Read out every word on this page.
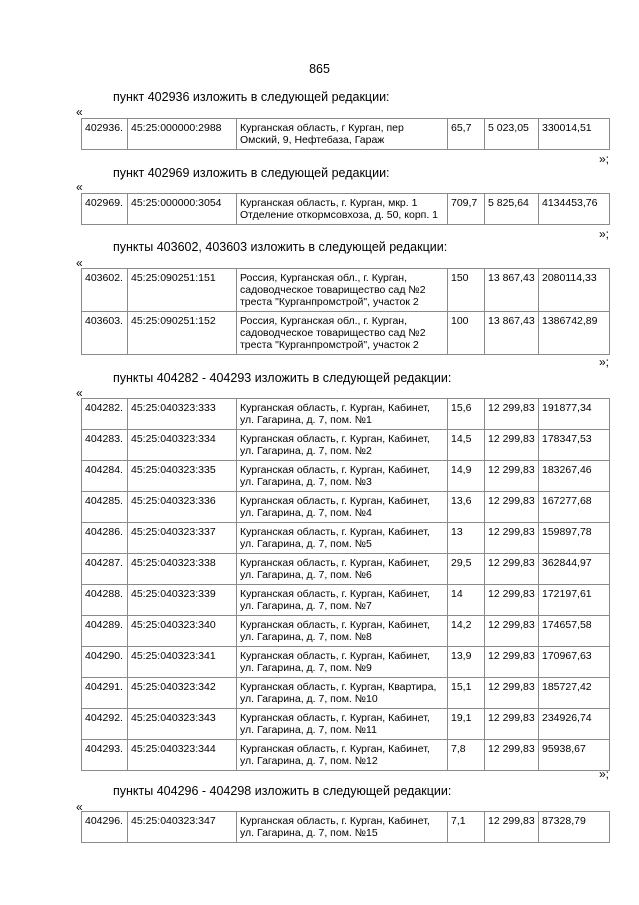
865
пункт 402936 изложить в следующей редакции:
«
402936.	45:25:000000:2988	Курганская область, г Курган, пер Омский, 9, Нефтебаза, Гараж	65,7	5 023,05	330014,51
»;
пункт 402969 изложить в следующей редакции:
«
402969.	45:25:000000:3054	Курганская область, г. Курган, мкр. 1 Отделение откормсовхоза, д. 50, корп. 1	709,7	5 825,64	4134453,76
»;
пункты 403602, 403603 изложить в следующей редакции:
«
403602.	45:25:090251:151	Россия, Курганская обл., г. Курган, садоводческое товарищество сад №2 треста "Курганпромстрой", участок 2	150	13 867,43	2080114,33
403603.	45:25:090251:152	Россия, Курганская обл., г. Курган, садоводческое товарищество сад №2 треста "Курганпромстрой", участок 2	100	13 867,43	1386742,89
»;
пункты 404282 - 404293 изложить в следующей редакции:
«
404282.	45:25:040323:333	Курганская область, г. Курган, Кабинет, ул. Гагарина, д. 7, пом. №1	15,6	12 299,83	191877,34
404283.	45:25:040323:334	Курганская область, г. Курган, Кабинет, ул. Гагарина, д. 7, пом. №2	14,5	12 299,83	178347,53
404284.	45:25:040323:335	Курганская область, г. Курган, Кабинет, ул. Гагарина, д. 7, пом. №3	14,9	12 299,83	183267,46
404285.	45:25:040323:336	Курганская область, г. Курган, Кабинет, ул. Гагарина, д. 7, пом. №4	13,6	12 299,83	167277,68
404286.	45:25:040323:337	Курганская область, г. Курган, Кабинет, ул. Гагарина, д. 7, пом. №5	13	12 299,83	159897,78
404287.	45:25:040323:338	Курганская область, г. Курган, Кабинет, ул. Гагарина, д. 7, пом. №6	29,5	12 299,83	362844,97
404288.	45:25:040323:339	Курганская область, г. Курган, Кабинет, ул. Гагарина, д. 7, пом. №7	14	12 299,83	172197,61
404289.	45:25:040323:340	Курганская область, г. Курган, Кабинет, ул. Гагарина, д. 7, пом. №8	14,2	12 299,83	174657,58
404290.	45:25:040323:341	Курганская область, г. Курган, Кабинет, ул. Гагарина, д. 7, пом. №9	13,9	12 299,83	170967,63
404291.	45:25:040323:342	Курганская область, г. Курган, Квартира, ул. Гагарина, д. 7, пом. №10	15,1	12 299,83	185727,42
404292.	45:25:040323:343	Курганская область, г. Курган, Кабинет, ул. Гагарина, д. 7, пом. №11	19,1	12 299,83	234926,74
404293.	45:25:040323:344	Курганская область, г. Курган, Кабинет, ул. Гагарина, д. 7, пом. №12	7,8	12 299,83	95938,67
»;
пункты 404296 - 404298 изложить в следующей редакции:
«
404296.	45:25:040323:347	Курганская область, г. Курган, Кабинет, ул. Гагарина, д. 7, пом. №15	7,1	12 299,83	87328,79
